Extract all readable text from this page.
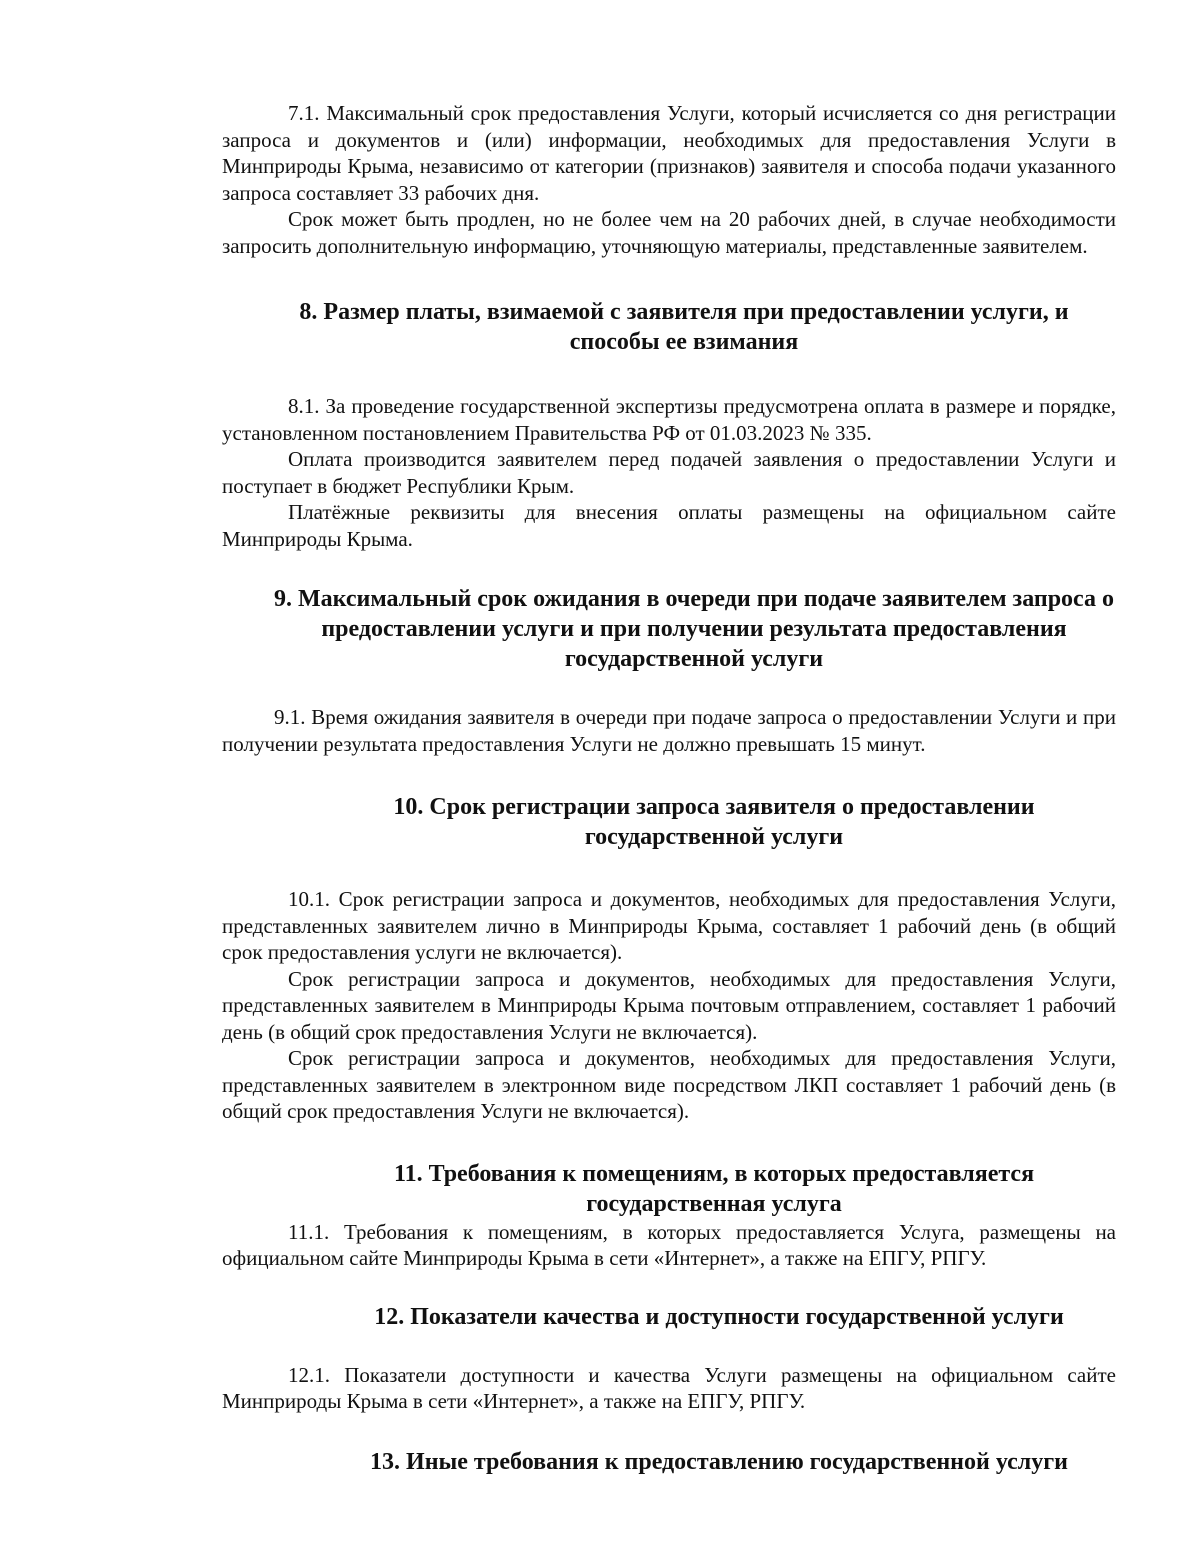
7.1. Максимальный срок предоставления Услуги, который исчисляется со дня регистрации запроса и документов и (или) информации, необходимых для предоставления Услуги в Минприроды Крыма, независимо от категории (признаков) заявителя и способа подачи указанного запроса составляет 33 рабочих дня.

Срок может быть продлен, но не более чем на 20 рабочих дней, в случае необходимости запросить дополнительную информацию, уточняющую материалы, представленные заявителем.

8. Размер платы, взимаемой с заявителя при предоставлении услуги, и способы ее взимания

8.1. За проведение государственной экспертизы предусмотрена оплата в размере и порядке, установленном постановлением Правительства РФ от 01.03.2023 № 335.

Оплата производится заявителем перед подачей заявления о предоставлении Услуги и поступает в бюджет Республики Крым.

Платёжные реквизиты для внесения оплаты размещены на официальном сайте Минприроды Крыма.

9. Максимальный срок ожидания в очереди при подаче заявителем запроса о предоставлении услуги и при получении результата предоставления государственной услуги

9.1. Время ожидания заявителя в очереди при подаче запроса о предоставлении Услуги и при получении результата предоставления Услуги не должно превышать 15 минут.

10. Срок регистрации запроса заявителя о предоставлении государственной услуги

10.1. Срок регистрации запроса и документов, необходимых для предоставления Услуги, представленных заявителем лично в Минприроды Крыма, составляет 1 рабочий день (в общий срок предоставления услуги не включается).

Срок регистрации запроса и документов, необходимых для предоставления Услуги, представленных заявителем в Минприроды Крыма почтовым отправлением, составляет 1 рабочий день (в общий срок предоставления Услуги не включается).

Срок регистрации запроса и документов, необходимых для предоставления Услуги, представленных заявителем в электронном виде посредством ЛКП составляет 1 рабочий день (в общий срок предоставления Услуги не включается).

11. Требования к помещениям, в которых предоставляется государственная услуга

11.1. Требования к помещениям, в которых предоставляется Услуга, размещены на официальном сайте Минприроды Крыма в сети «Интернет», а также на ЕПГУ, РПГУ.

12. Показатели качества и доступности государственной услуги

12.1. Показатели доступности и качества Услуги размещены на официальном сайте Минприроды Крыма в сети «Интернет», а также на ЕПГУ, РПГУ.

13. Иные требования к предоставлению государственной услуги
